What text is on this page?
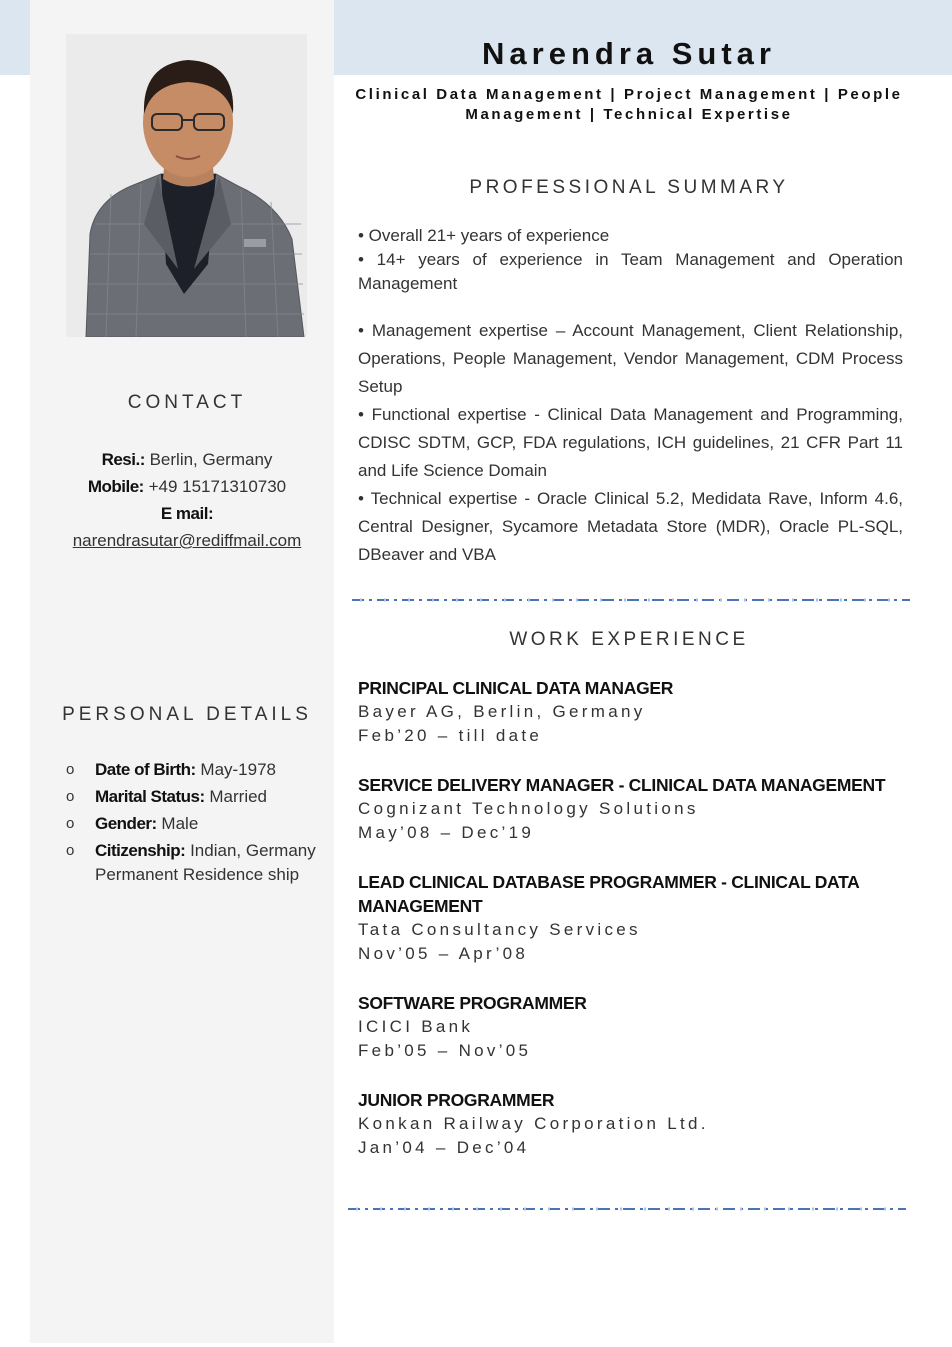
CONTACT
Resi.: Berlin, Germany
Mobile: +49 15171310730
E mail:
narendrasutar@rediffmail.com
PERSONAL DETAILS
o Date of Birth: May-1978
o Marital Status: Married
o Gender: Male
o Citizenship: Indian, Germany Permanent Residence ship
Narendra Sutar
Clinical Data Management | Project Management | People Management | Technical Expertise
PROFESSIONAL SUMMARY

• Overall 21+ years of experience

• 14+ years of experience in Team Management and Operation Management

• Management expertise – Account Management, Client Relationship, Operations, People Management, Vendor Management, CDM Process Setup

• Functional expertise - Clinical Data Management and Programming, CDISC SDTM, GCP, FDA regulations, ICH guidelines, 21 CFR Part 11 and Life Science Domain

• Technical expertise - Oracle Clinical 5.2, Medidata Rave, Inform 4.6, Central Designer, Sycamore Metadata Store (MDR), Oracle PL-SQL, DBeaver and VBA

WORK EXPERIENCE
PRINCIPAL CLINICAL DATA MANAGER
Bayer AG, Berlin, Germany
Feb’20 – till date
SERVICE DELIVERY MANAGER - CLINICAL DATA MANAGEMENT
Cognizant Technology Solutions
May’08 – Dec’19
LEAD CLINICAL DATABASE PROGRAMMER - CLINICAL DATA MANAGEMENT
Tata Consultancy Services
Nov’05 – Apr’08
SOFTWARE PROGRAMMER
ICICI Bank
Feb’05 – Nov’05
JUNIOR PROGRAMMER
Konkan Railway Corporation Ltd.
Jan’04 – Dec’04
